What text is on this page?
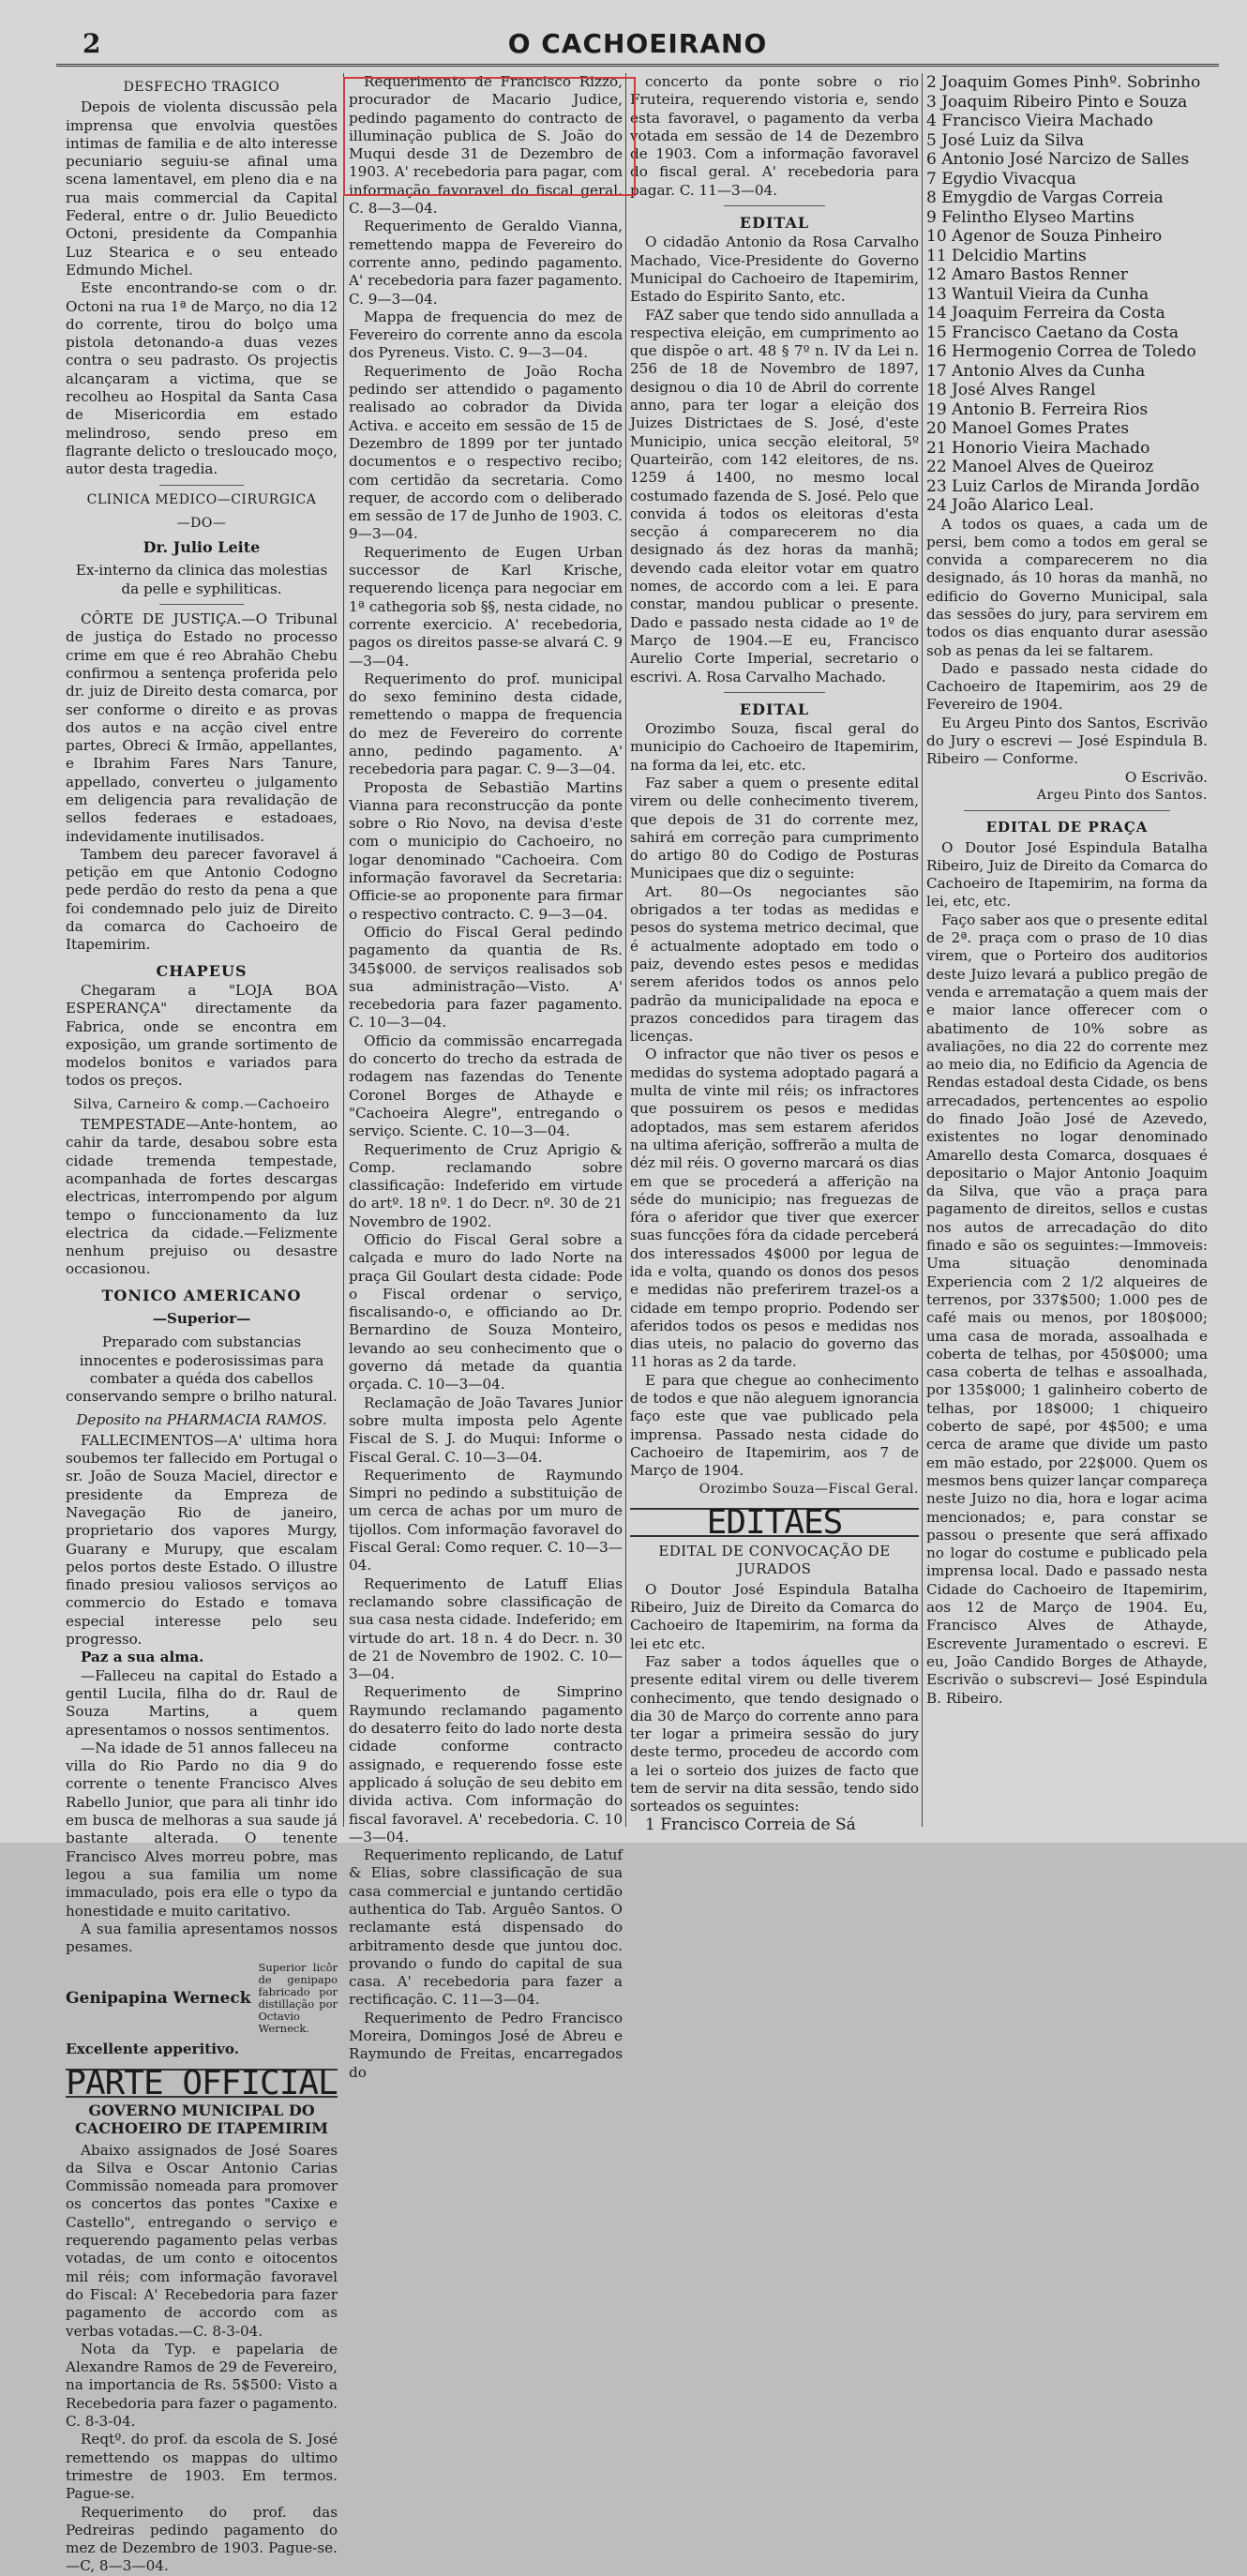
O CACHOEIRANO
2

DESFECHO TRAGICO

Depois de violenta discussão pela imprensa que envolvia questões intimas de familia e de alto interesse pecuniario seguiu-se afinal uma scena lamentavel, em pleno dia e na rua mais commercial da Capital Federal, entre o dr. Julio Beuedicto Octoni, presidente da Companhia Luz Stearica e o seu enteado Edmundo Michel.

Este encontrando-se com o dr. Octoni na rua 1ª de Março, no dia 12 do corrente, tirou do bolço uma pistola detonando-a duas vezes contra o seu padrasto. Os projectis alcançaram a victima, que se recolheu ao Hospital da Santa Casa de Misericordia em estado melindroso, sendo preso em flagrante delicto o tresloucado moço, autor desta tragedia.

CLINICA MEDICO—CIRURGICA

—DO—

Dr. Julio Leite

Ex-interno da clinica das molestias da pelle e syphiliticas.

CÔRTE DE JUSTIÇA.—O Tribunal de justiça do Estado no processo crime em que é reo Abrahão Chebu confirmou a sentença proferida pelo dr. juiz de Direito desta comarca, por ser conforme o direito e as provas dos autos e na acção civel entre partes, Obreci & Irmão, appellantes, e Ibrahim Fares Nars Tanure, appellado, converteu o julgamento em deligencia para revalidação de sellos federaes e estadoaes, indevidamente inutilisados.

Tambem deu parecer favoravel á petição em que Antonio Codogno pede perdão do resto da pena a que foi condemnado pelo juiz de Direito da comarca do Cachoeiro de Itapemirim.

CHAPEUS

Chegaram a "LOJA BOA ESPERANÇA" directamente da Fabrica, onde se encontra em exposição, um grande sortimento de modelos bonitos e variados para todos os preços.

Silva, Carneiro & comp.—Cachoeiro

TEMPESTADE—Ante-hontem, ao cahir da tarde, desabou sobre esta cidade tremenda tempestade, acompanhada de fortes descargas electricas, interrompendo por algum tempo o funccionamento da luz electrica da cidade.—Felizmente nenhum prejuiso ou desastre occasionou.

TONICO AMERICANO

—Superior—

Preparado com substancias innocentes e poderosissimas para combater a quéda dos cabellos conservando sempre o brilho natural.

Deposito na PHARMACIA RAMOS.

FALLECIMENTOS—A' ultima hora soubemos ter fallecido em Portugal o sr. João de Souza Maciel, director e presidente da Empreza de Navegação Rio de janeiro, proprietario dos vapores Murgy, Guarany e Murupy, que escalam pelos portos deste Estado. O illustre finado presiou valiosos serviços ao commercio do Estado e tomava especial interesse pelo seu progresso.

Paz a sua alma.

—Falleceu na capital do Estado a gentil Lucila, filha do dr. Raul de Souza Martins, a quem apresentamos o nossos sentimentos.

—Na idade de 51 annos falleceu na villa do Rio Pardo no dia 9 do corrente o tenente Francisco Alves Rabello Junior, que para ali tinhr ido em busca de melhoras a sua saude já bastante alterada. O tenente Francisco Alves morreu pobre, mas legou a sua familia um nome immaculado, pois era elle o typo da honestidade e muito caritativo.

A sua familia apresentamos nossos pesames.

Genipapina Werneck
Superior licôr de genipapo fabricado por distillação por Octavio Werneck.

Excellente apperitivo.

PARTE OFFICIAL

GOVERNO MUNICIPAL DO CACHOEIRO DE ITAPEMIRIM

Abaixo assignados de José Soares da Silva e Oscar Antonio Carias Commissão nomeada para promover os concertos das pontes "Caxixe e Castello", entregando o serviço e requerendo pagamento pelas verbas votadas, de um conto e oitocentos mil réis; com informação favoravel do Fiscal: A' Recebedoria para fazer pagamento de accordo com as verbas votadas.—C. 8-3-04.

Nota da Typ. e papelaria de Alexandre Ramos de 29 de Fevereiro, na importancia de Rs. 5$500: Visto a Recebedoria para fazer o pagamento. C. 8-3-04.

Reqtº. do prof. da escola de S. José remettendo os mappas do ultimo trimestre de 1903. Em termos. Pague-se.

Requerimento do prof. das Pedreiras pedindo pagamento do mez de Dezembro de 1903. Pague-se.—C, 8—3—04.

Requerimento de Francisco Rizzo, procurador de Macario Judice, pedindo pagamento do contracto de illuminação publica de S. João do Muqui desde 31 de Dezembro de 1903. A' recebedoria para pagar, com informação favoravel do fiscal geral. C. 8—3—04.

Requerimento de Geraldo Vianna, remettendo mappa de Fevereiro do corrente anno, pedindo pagamento. A' recebedoria para fazer pagamento. C. 9—3—04.

Mappa de frequencia do mez de Fevereiro do corrente anno da escola dos Pyreneus. Visto. C. 9—3—04.

Requerimento de João Rocha pedindo ser attendido o pagamento realisado ao cobrador da Divida Activa. e acceito em sessão de 15 de Dezembro de 1899 por ter juntado documentos e o respectivo recibo; com certidão da secretaria. Como requer, de accordo com o deliberado em sessão de 17 de Junho de 1903. C. 9—3—04.

Requerimento de Eugen Urban successor de Karl Krische, requerendo licença para negociar em 1ª cathegoria sob §§, nesta cidade, no corrente exercicio. A' recebedoria, pagos os direitos passe-se alvará C. 9—3—04.

Requerimento do prof. municipal do sexo feminino desta cidade, remettendo o mappa de frequencia do mez de Fevereiro do corrente anno, pedindo pagamento. A' recebedoria para pagar. C. 9—3—04.

Proposta de Sebastião Martins Vianna para reconstrucção da ponte sobre o Rio Novo, na devisa d'este com o municipio do Cachoeiro, no logar denominado "Cachoeira. Com informação favoravel da Secretaria: Officie-se ao proponente para firmar o respectivo contracto. C. 9—3—04.

Officio do Fiscal Geral pedindo pagamento da quantia de Rs. 345$000. de serviços realisados sob sua administração—Visto. A' recebedoria para fazer pagamento. C. 10—3—04.

Officio da commissão encarregada do concerto do trecho da estrada de rodagem nas fazendas do Tenente Coronel Borges de Athayde e "Cachoeira Alegre", entregando o serviço. Sciente. C. 10—3—04.

Requerimento de Cruz Aprigio & Comp. reclamando sobre classificação: Indeferido em virtude do artº. 18 nº. 1 do Decr. nº. 30 de 21 Novembro de 1902.

Officio do Fiscal Geral sobre a calçada e muro do lado Norte na praça Gil Goulart desta cidade: Pode o Fiscal ordenar o serviço, fiscalisando-o, e officiando ao Dr. Bernardino de Souza Monteiro, levando ao seu conhecimento que o governo dá metade da quantia orçada. C. 10—3—04.

Reclamação de João Tavares Junior sobre multa imposta pelo Agente Fiscal de S. J. do Muqui: Informe o Fiscal Geral. C. 10—3—04.

Requerimento de Raymundo Simpri no pedindo a substituição de um cerca de achas por um muro de tijollos. Com informação favoravel do Fiscal Geral: Como requer. C. 10—3—04.

Requerimento de Latuff Elias reclamando sobre classificação de sua casa nesta cidade. Indeferido; em virtude do art. 18 n. 4 do Decr. n. 30 de 21 de Novembro de 1902. C. 10—3—04.

Requerimento de Simprino Raymundo reclamando pagamento do desaterro feito do lado norte desta cidade conforme contracto assignado, e requerendo fosse este applicado á solução de seu debito em divida activa. Com informação do fiscal favoravel. A' recebedoria. C. 10—3—04.

Requerimento replicando, de Latuf & Elias, sobre classificação de sua casa commercial e juntando certidão authentica do Tab. Arguêo Santos. O reclamante está dispensado do arbitramento desde que juntou doc. provando o fundo do capital de sua casa. A' recebedoria para fazer a rectificação. C. 11—3—04.

Requerimento de Pedro Francisco Moreira, Domingos José de Abreu e Raymundo de Freitas, encarregados do

concerto da ponte sobre o rio Fruteira, requerendo vistoria e, sendo esta favoravel, o pagamento da verba votada em sessão de 14 de Dezembro de 1903. Com a informação favoravel do fiscal geral. A' recebedoria para pagar. C. 11—3—04.

EDITAL

O cidadão Antonio da Rosa Carvalho Machado, Vice-Presidente do Governo Municipal do Cachoeiro de Itapemirim, Estado do Espirito Santo, etc.

FAZ saber que tendo sido annullada a respectiva eleição, em cumprimento ao que dispõe o art. 48 § 7º n. IV da Lei n. 256 de 18 de Novembro de 1897, designou o dia 10 de Abril do corrente anno, para ter logar a eleição dos Juizes Districtaes de S. José, d'este Municipio, unica secção eleitoral, 5º Quarteirão, com 142 eleitores, de ns. 1259 á 1400, no mesmo local costumado fazenda de S. José. Pelo que convida á todos os eleitoras d'esta secção á comparecerem no dia designado ás dez horas da manhã; devendo cada eleitor votar em quatro nomes, de accordo com a lei. E para constar, mandou publicar o presente. Dado e passado nesta cidade ao 1º de Março de 1904.—E eu, Francisco Aurelio Corte Imperial, secretario o escrivi. A. Rosa Carvalho Machado.

EDITAL

Orozimbo Souza, fiscal geral do municipio do Cachoeiro de Itapemirim, na forma da lei, etc. etc.

Faz saber a quem o presente edital virem ou delle conhecimento tiverem, que depois de 31 do corrente mez, sahirá em correção para cumprimento do artigo 80 do Codigo de Posturas Municipaes que diz o seguinte:

Art. 80—Os negociantes são obrigados a ter todas as medidas e pesos do systema metrico decimal, que é actualmente adoptado em todo o paiz, devendo estes pesos e medidas serem aferidos todos os annos pelo padrão da municipalidade na epoca e prazos concedidos para tiragem das licenças.

O infractor que não tiver os pesos e medidas do systema adoptado pagará a multa de vinte mil réis; os infractores que possuirem os pesos e medidas adoptados, mas sem estarem aferidos na ultima aferição, soffrerão a multa de déz mil réis. O governo marcará os dias em que se procederá a afferição na séde do municipio; nas freguezas de fóra o aferidor que tiver que exercer suas funcções fóra da cidade perceberá dos interessados 4$000 por legua de ida e volta, quando os donos dos pesos e medidas não preferirem trazel-os a cidade em tempo proprio. Podendo ser aferidos todos os pesos e medidas nos dias uteis, no palacio do governo das 11 horas as 2 da tarde.

E para que chegue ao conhecimento de todos e que não aleguem ignorancia faço este que vae publicado pela imprensa. Passado nesta cidade do Cachoeiro de Itapemirim, aos 7 de Março de 1904.

Orozimbo Souza—Fiscal Geral.

EDITAES

EDITAL DE CONVOCAÇÃO DE JURADOS

O Doutor José Espindula Batalha Ribeiro, Juiz de Direito da Comarca do Cachoeiro de Itapemirim, na forma da lei etc etc.

Faz saber a todos áquelles que o presente edital virem ou delle tiverem conhecimento, que tendo designado o dia 30 de Março do corrente anno para ter logar a primeira sessão do jury deste termo, procedeu de accordo com a lei o sorteio dos juizes de facto que tem de servir na dita sessão, tendo sido sorteados os seguintes:

1 Francisco Correia de Sá

2 Joaquim Gomes Pinhº. Sobrinho
3 Joaquim Ribeiro Pinto e Souza
4 Francisco Vieira Machado
5 José Luiz da Silva
6 Antonio José Narcizo de Salles
7 Egydio Vivacqua
8 Emygdio de Vargas Correia
9 Felintho Elyseo Martins
10 Agenor de Souza Pinheiro
11 Delcidio Martins
12 Amaro Bastos Renner
13 Wantuil Vieira da Cunha
14 Joaquim Ferreira da Costa
15 Francisco Caetano da Costa
16 Hermogenio Correa de Toledo
17 Antonio Alves da Cunha
18 José Alves Rangel
19 Antonio B. Ferreira Rios
20 Manoel Gomes Prates
21 Honorio Vieira Machado
22 Manoel Alves de Queiroz
23 Luiz Carlos de Miranda Jordão
24 João Alarico Leal.

A todos os quaes, a cada um de persi, bem como a todos em geral se convida a comparecerem no dia designado, ás 10 horas da manhã, no edificio do Governo Municipal, sala das sessões do jury, para servirem em todos os dias enquanto durar asessão sob as penas da lei se faltarem.

Dado e passado nesta cidade do Cachoeiro de Itapemirim, aos 29 de Fevereiro de 1904.

Eu Argeu Pinto dos Santos, Escrivão do Jury o escrevi — José Espindula B. Ribeiro — Conforme.

O Escrivão.

Argeu Pinto dos Santos.

EDITAL DE PRAÇA

O Doutor José Espindula Batalha Ribeiro, Juiz de Direito da Comarca do Cachoeiro de Itapemirim, na forma da lei, etc, etc.

Faço saber aos que o presente edital de 2ª. praça com o praso de 10 dias virem, que o Porteiro dos auditorios deste Juizo levará a publico pregão de venda e arrematação a quem mais der e maior lance offerecer com o abatimento de 10% sobre as avaliações, no dia 22 do corrente mez ao meio dia, no Edificio da Agencia de Rendas estadoal desta Cidade, os bens arrecadados, pertencentes ao espolio do finado João José de Azevedo, existentes no logar denominado Amarello desta Comarca, dosquaes é depositario o Major Antonio Joaquim da Silva, que vão a praça para pagamento de direitos, sellos e custas nos autos de arrecadação do dito finado e são os seguintes:—Immoveis: Uma situação denominada Experiencia com 2 1/2 alqueires de terrenos, por 337$500; 1.000 pes de café mais ou menos, por 180$000; uma casa de morada, assoalhada e coberta de telhas, por 450$000; uma casa coberta de telhas e assoalhada, por 135$000; 1 galinheiro coberto de telhas, por 18$000; 1 chiqueiro coberto de sapé, por 4$500; e uma cerca de arame que divide um pasto em mão estado, por 22$000. Quem os mesmos bens quizer lançar compareça neste Juizo no dia, hora e logar acima mencionados; e, para constar se passou o presente que será affixado no logar do costume e publicado pela imprensa local. Dado e passado nesta Cidade do Cachoeiro de Itapemirim, aos 12 de Março de 1904. Eu, Francisco Alves de Athayde, Escrevente Juramentado o escrevi. E eu, João Candido Borges de Athayde, Escrivão o subscrevi— José Espindula B. Ribeiro.
